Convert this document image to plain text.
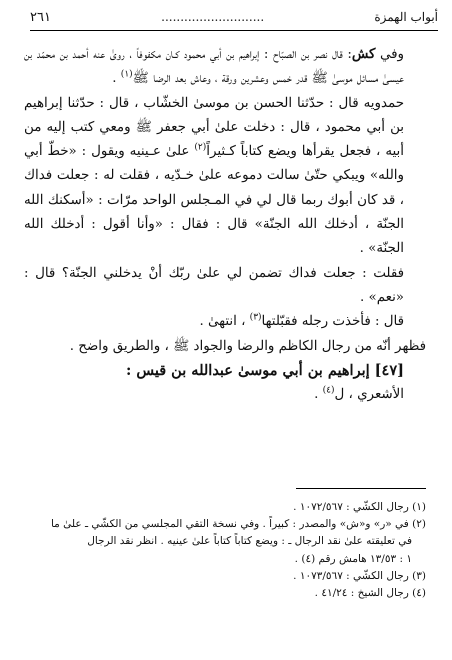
أبواب الهمزة
...........................
٢٦١

وفي كش: قال نصر بن الصبّاح : إبراهيم بن أبي محمود كـان مكفوفاً ، روىٰ عنه أحمد بن محمّد بن عيسىٰ مسائل موسىٰ ﷺ قدر خمس وعشرين ورقة ، وعاش بعد الرضا ﷺ$^{(١)}$ .

حمدويه قال : حدّثنا الحسن بن موسىٰ الخشّاب ، قال : حدّثنا إبراهيم بن أبي محمود ، قال : دخلت علىٰ أبي جعفر ﷺ ومعي كتب إليه من أبيه ، فجعل يقرأها ويضع كتاباً كـثيراً$^{(٢)}$ علىٰ عـينيه ويقول : «خطّ أبي والله» ويبكي حتّىٰ سالت دموعه علىٰ خـدّيه ، فقلت له : جعلت فداك ، قد كان أبوك ربما قال لي في المـجلس الواحد مرّات : «أسكنك الله الجنّة ، أدخلك الله الجنّة» قال : فقال : «وأنا أقول : أدخلك الله الجنّة» .

فقلت : جعلت فداك تضمن لي علىٰ ربّك أنْ يدخلني الجنّة؟ قال : «نعم» .

قال : فأخذت رجله فقبّلتها$^{(٣)}$ ، انتهىٰ .

فظهر أنّه من رجال الكاظم والرضا والجواد ﷺ ، والطريق واضح .

[٤٧] إبراهيم بن أبي موسىٰ عبدالله بن قيس :

الأشعري ، ل$^{(٤)}$ .

(١) رجال الكشّي : ١٠٧٢/٥٦٧ .

(٢) في «ر» و«ش» والمصدر : كبيراً . وفي نسخة التقي المجلسي من الكشّي ـ علىٰ ما

في تعليقته علىٰ نقد الرجال ـ : ويضع كتاباً كتاباً علىٰ عينيه . انظر نقد الرجال

١ : ١٣/٥٣ هامش رقم (٤) .

(٣) رجال الكشّي : ١٠٧٣/٥٦٧ .

(٤) رجال الشيخ : ٤١/٢٤ .
